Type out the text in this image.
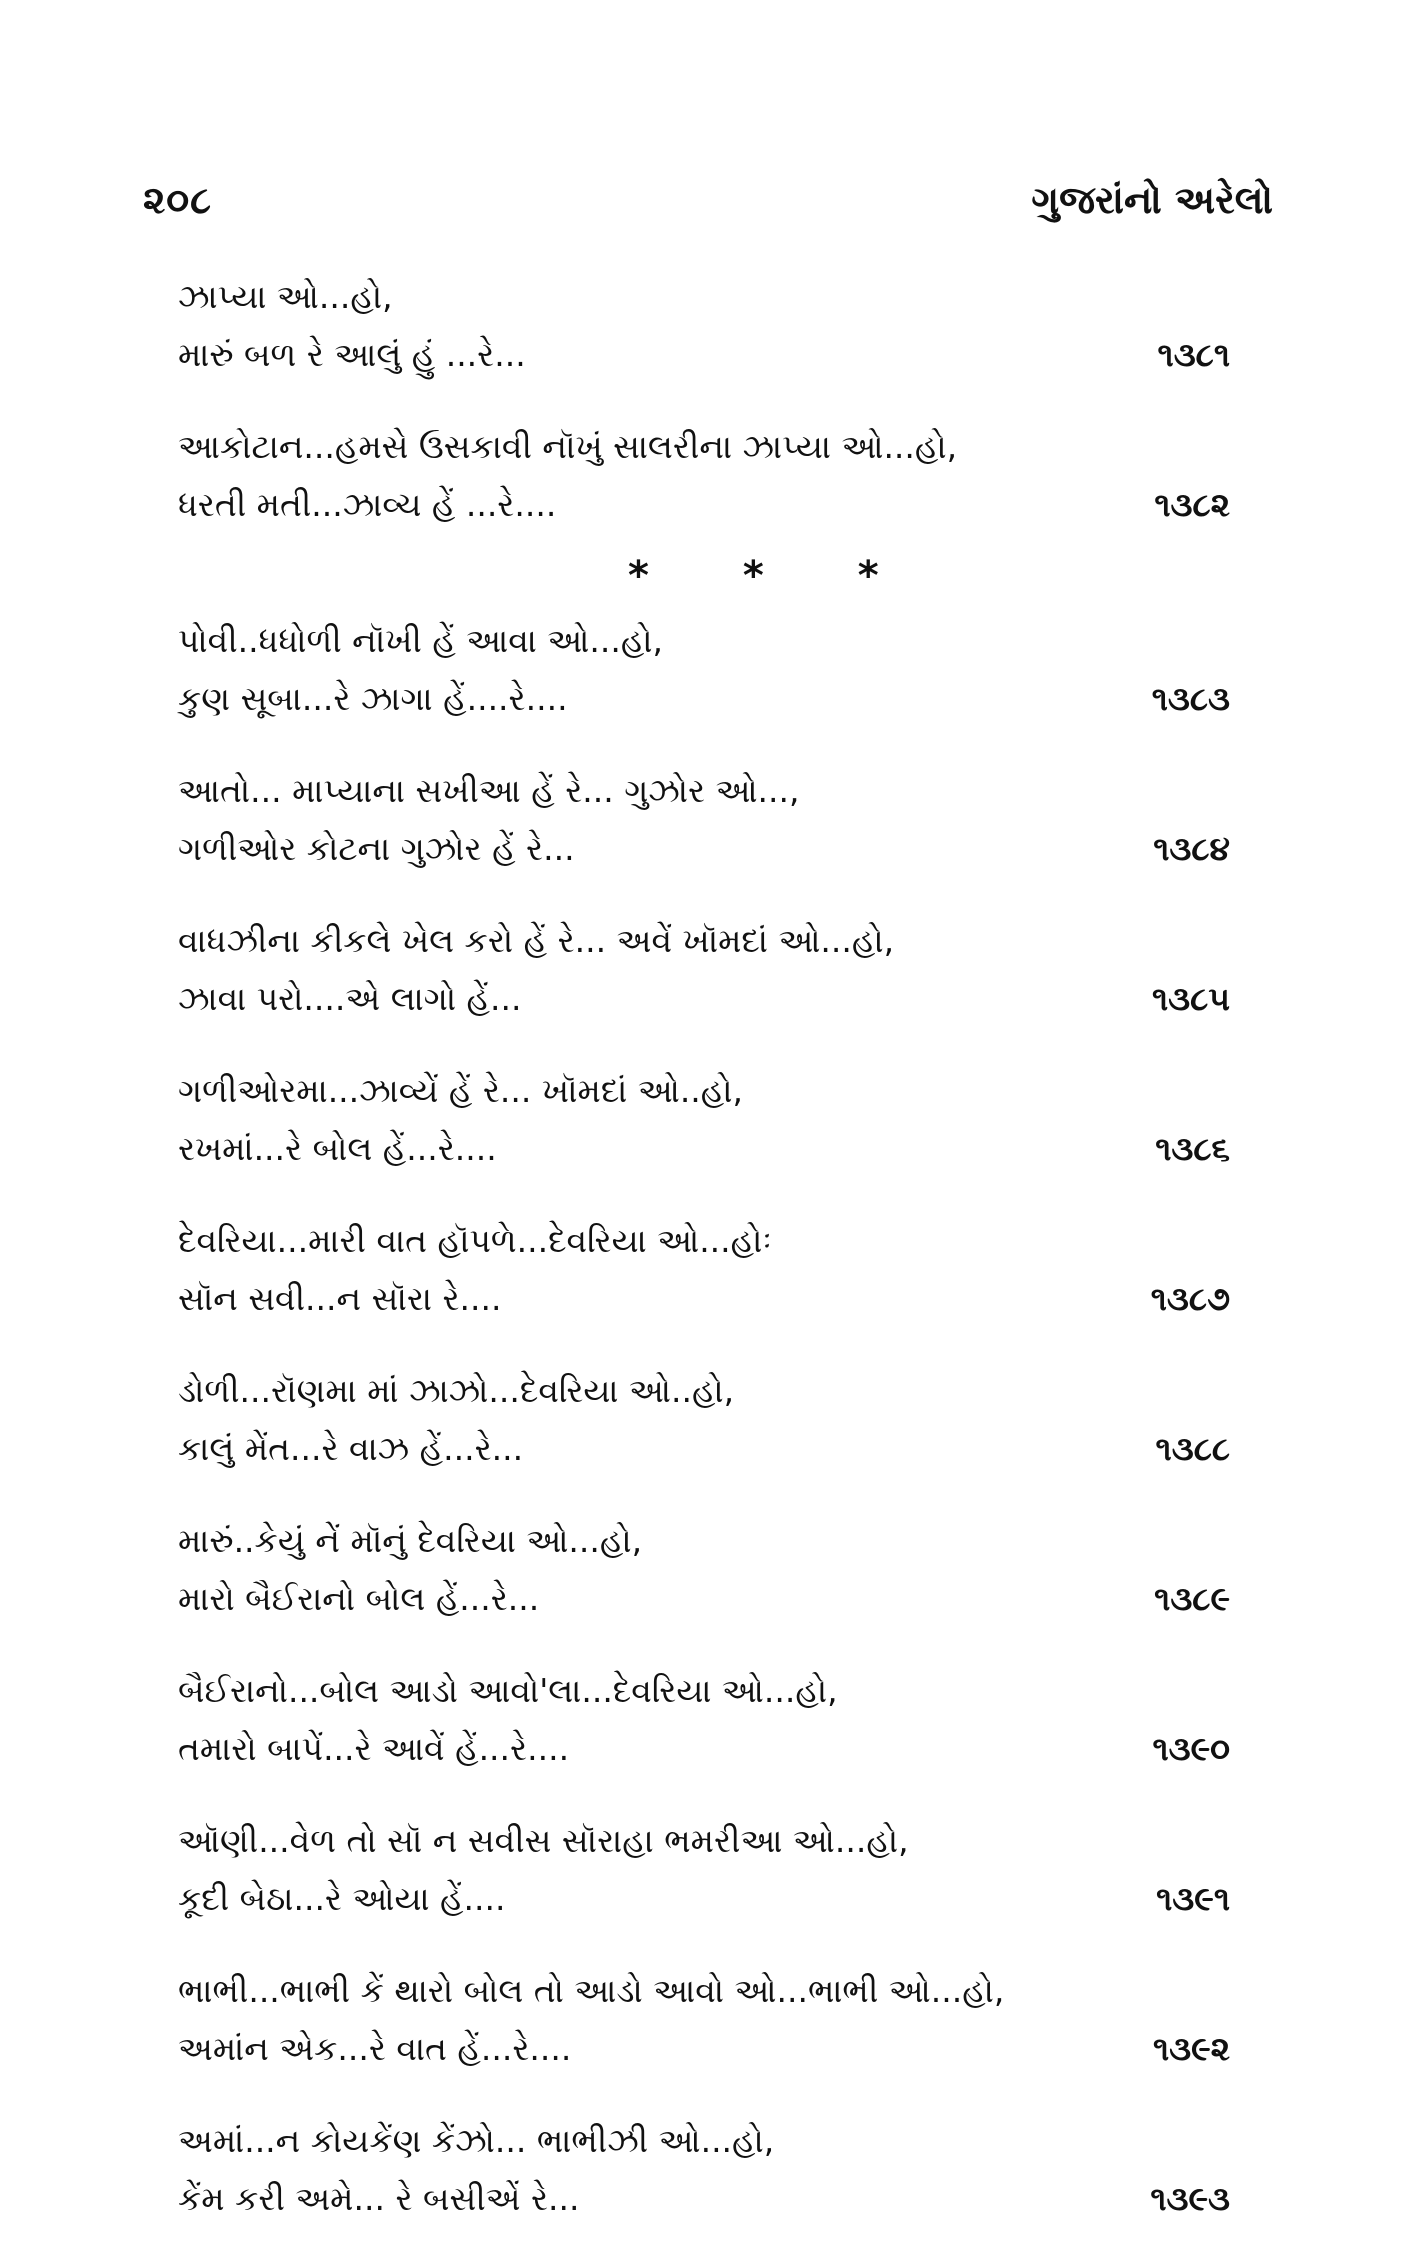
૨૦૮	ગુજરાંનો અરેલો
ઝાપ્યા ઓ...હો,
મારું બળ રે આલું હું ...રે...	૧૩૮૧
આકોટાન...હમસે ઉસકાવી નૉખું સાલરીના ઝાપ્યા ઓ...હો,
ધરતી મતી...ઝાવ્ચ હેં ...રે....	૧૩૮૨
* * *
પોવી..ધધોળી નૉખી હેં આવા ઓ...હો,
કુણ સૂબા...રે ઝાગા હેં....રે....	૧૩૮૩
આતો... માપ્યાના સખીઆ હેં રે... ગુઝોર ઓ...,
ગળીઓર કોટના ગુઝોર હેં રે...	૧૩૮૪
વાધઝીના કીકલે ખેલ કરો હેં રે... અવેં ખૉમદાં ઓ...હો,
ઝાવા પરો....એ લાગો હેં...	૧૩૮૫
ગળીઓરમા...ઝાવ્યેં હેં રે... ખૉમદાં ઓ..હો,
રખમાં...રે બોલ હેં...રે....	૧૩૮૬
દેવરિયા...મારી વાત હૉપળે...દેવરિયા ઓ...હોઃ
સૉન સવી...ન સૉરા રે....	૧૩૮૭
ડોળી...રૉણમા માં ઝાઝો...દેવરિયા ઓ..હો,
કાલું મેંત...રે વાઝ હેં...રે...	૧૩૮૮
મારું..કેયું નેં મૉનું દેવરિયા ઓ...હો,
મારો બૈઈરાનો બોલ હેં...રે...	૧૩૮૯
બૈઈરાનો...બોલ આડો આવો'લા...દેવરિયા ઓ...હો,
તમારો બાપેં...રે આવેં હેં...રે....	૧૩૯૦
ઑણી...વેળ તો સૉ ન સવીસ સૉરાહા ભમરીઆ ઓ...હો,
કૂદી બેઠા...રે ઓયા હેં....	૧૩૯૧
ભાભી...ભાભી કેં થારો બોલ તો આડો આવો ઓ...ભાભી ઓ...હો,
અમાંન એક...રે વાત હેં...રે....	૧૩૯૨
અમાં...ન કોયકેંણ કેંઝો... ભાભીઝી ઓ...હો,
કેંમ કરી અમે... રે બસીએં રે...	૧૩૯૩
